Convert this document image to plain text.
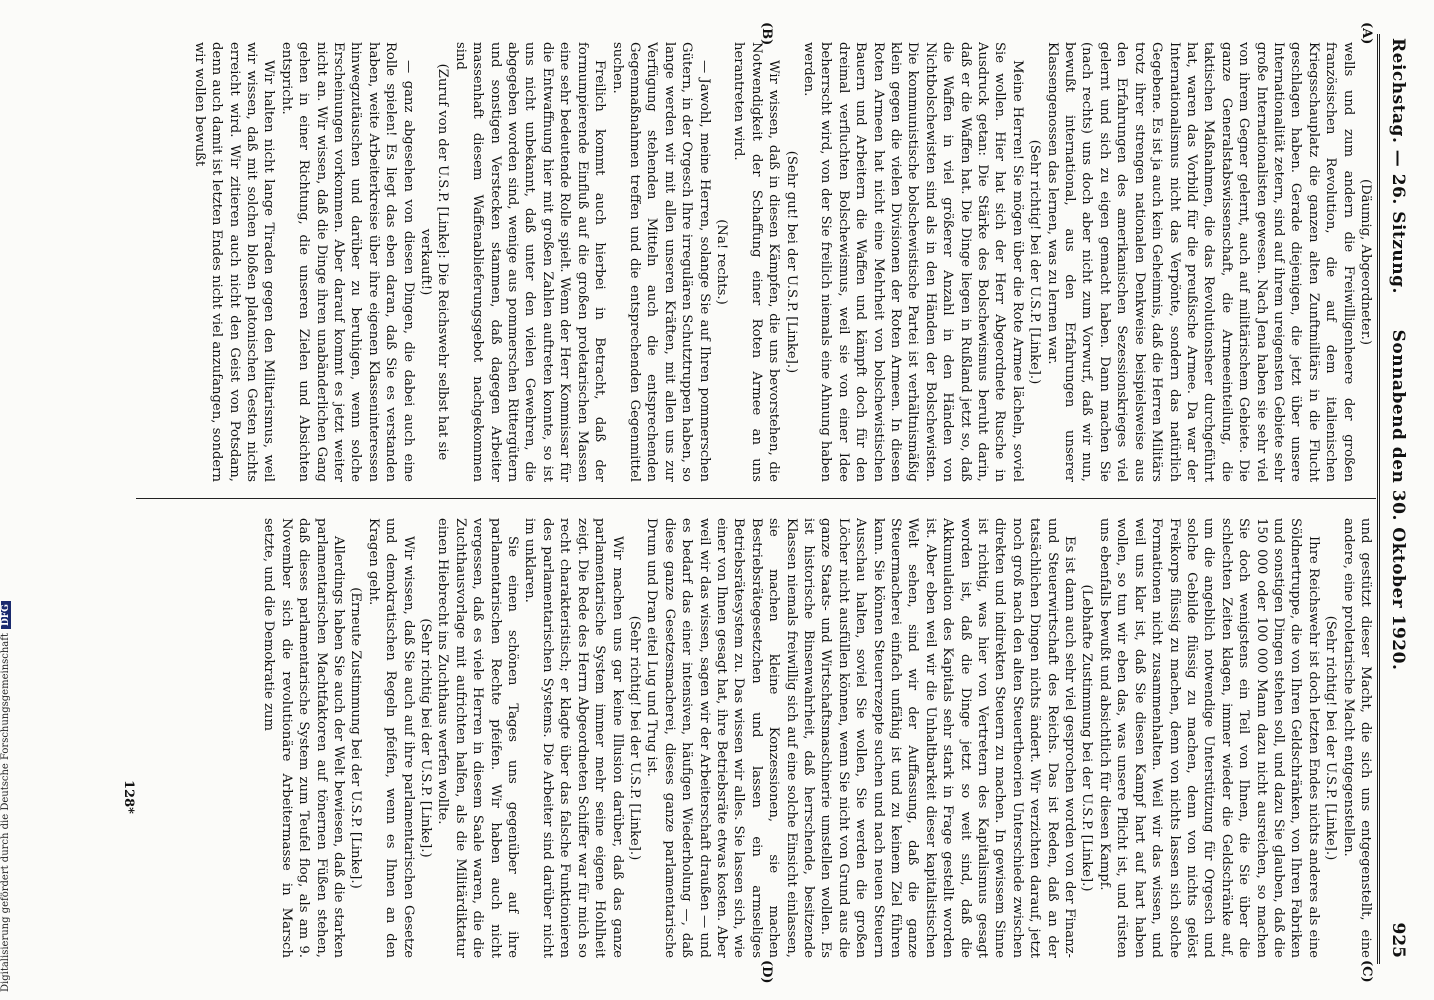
Reichstag. — 26. Sitzung.
Sonnabend den 30. Oktober 1920.
925
(A)
(B)
(C)
(D)

(Däumig, Abgeordneter.)

wells und zum andern die Freiwilligenheere der großen französischen Revolution, die auf dem italienischen Kriegsschauplatz die ganzen alten Zunftmilitärs in die Flucht geschlagen haben. Gerade diejenigen, die jetzt über unsere Internationalität zetern, sind auf ihrem ureigensten Gebiete sehr große Internationalisten gewesen. Nach Jena haben sie sehr viel von ihrem Gegner gelernt, auch auf militärischem Gebiete. Die ganze Generalstabswissenschaft, die Armeeeinteilung, die taktischen Maßnahmen, die das Revolutionsheer durchgeführt hat, waren das Vorbild für die preußische Armee. Da war der Internationalismus nicht das Verpönte, sondern das natürlich Gegebene. Es ist ja auch kein Geheimnis, daß die Herren Militärs trotz ihrer strengen nationalen Denkweise beispielsweise aus den Erfahrungen des amerikanischen Sezessionskrieges viel gelernt und sich zu eigen gemacht haben. Dann machen Sie (nach rechts) uns doch aber nicht zum Vorwurf, daß wir nun, bewußt international, aus den Erfahrungen unserer Klassengenossen das lernen, was zu lernen war.

(Sehr richtig! bei der U.S.P. [Linke].)

Meine Herren! Sie mögen über die Rote Armee lächeln, soviel Sie wollen. Hier hat sich der Herr Abgeordnete Rusche in Ausdruck getan: Die Stärke des Bolschewismus beruht darin, daß er die Waffen hat. Die Dinge liegen in Rußland jetzt so, daß die Waffen in viel größerer Anzahl in den Händen von Nichtbolschewisten sind als in den Händen der Bolschewisten. Die kommunistische bolschewistische Partei ist verhältnismäßig klein gegen die vielen Divisionen der Roten Armeen. In diesen Roten Armeen hat nicht eine Mehrheit von bolschewistischen Bauern und Arbeitern die Waffen und kämpft doch für den dreimal verfluchten Bolschewismus, weil sie von einer Idee beherrscht wird, von der Sie freilich niemals eine Ahnung haben werden.

(Sehr gut! bei der U.S.P. [Linke].)

Wir wissen, daß in diesen Kämpfen, die uns bevorstehen, die Notwendigkeit der Schaffung einer Roten Armee an uns herantreten wird.

(Na! rechts.)

— Jawohl, meine Herren, solange Sie auf Ihren pommerschen Gütern, in der Orgesch Ihre irregulären Schutztruppen haben, so lange werden wir mit allen unseren Kräften, mit allen uns zur Verfügung stehenden Mitteln auch die entsprechenden Gegenmaßnahmen treffen und die entsprechenden Gegenmittel suchen.

Freilich kommt auch hierbei in Betracht, daß der formumpierende Einfluß auf die großen proletarischen Massen eine sehr bedeutende Rolle spielt. Wenn der Herr Kommissar für die Entwaffnung hier mit großen Zahlen auftreten konnte, so ist uns nicht unbekannt, daß unter den vielen Gewehren, die abgegeben worden sind, wenige aus pommerschen Rittergütern und sonstigen Verstecken stammen, daß dagegen Arbeiter massenhaft diesem Waffenablieferungsgebot nachgekommen sind

(Zuruf von der U.S.P. [Linke]: Die Reichswehr selbst hat sie verkauft!)

— ganz abgesehen von diesen Dingen, die dabei auch eine Rolle spielen! Es liegt das eben daran, daß Sie es verstanden haben, weite Arbeiterkreise über ihre eigenen Klasseninteressen hinwegzutäuschen und darüber zu beruhigen, wenn solche Erscheinungen vorkommen. Aber darauf kommt es jetzt weiter nicht an. Wir wissen, daß die Dinge ihren unabänderlichen Gang gehen in einer Richtung, die unseren Zielen und Absichten entspricht.

Wir halten nicht lange Tiraden gegen den Militarismus, weil wir wissen, daß mit solchen bloßen platonischen Gesten nichts erreicht wird. Wir zitieren auch nicht den Geist von Potsdam, denn auch damit ist letzten Endes nicht viel anzufangen, sondern wir wollen bewußt

und gestützt dieser Macht, die sich uns entgegenstellt, eine andere, eine proletarische Macht entgegenstellen.

(Sehr richtig! bei der U.S.P. [Linke].)

Ihre Reichswehr ist doch letzten Endes nichts anderes als eine Söldnertruppe, die von Ihren Geldschränken, von Ihren Fabriken und sonstigen Dingen stehen soll, und dazu Sie glauben, daß die 150 000 oder 100 000 Mann dazu nicht ausreichen, so machen Sie doch wenigstens ein Teil von Ihnen, die Sie über die schlechten Zeiten klagen, immer wieder die Geldschränke auf, um die angeblich notwendige Unterstützung für Orgesch und solche Gebilde flüssig zu machen, denn von nichts gelöst Freikorps flüssig zu machen, denn von nichts lassen sich solche Formationen nicht zusammenhalten. Weil wir das wissen, und weil uns klar ist, daß Sie diesen Kampf hart auf hart haben wollen, so tun wir eben das, was unsere Pflicht ist, und rüsten uns ebenfalls bewußt und absichtlich für diesen Kampf.

(Lebhafte Zustimmung bei der U.S.P. [Linke].)

Es ist dann auch sehr viel gesprochen worden von der Finanz- und Steuerwirtschaft des Reichs. Das ist Reden, daß an der tatsächlichen Dingen nichts ändert. Wir verzichten darauf, jetzt noch groß nach den alten Steuertheorien Unterschiede zwischen direkten und indirekten Steuern zu machen. In gewissem Sinne ist richtig, was hier von Vertretern des Kapitalismus gesagt worden ist, daß die Dinge jetzt so weit sind, daß die Akkumulation des Kapitals sehr stark in Frage gestellt worden ist. Aber eben weil wir die Unhaltbarkeit dieser kapitalistischen Welt sehen, sind wir der Auffassung, daß die ganze Steuermacherei einfach unfähig ist und zu keinem Ziel führen kann. Sie können Steuerrezepte suchen und nach neuen Steuern Ausschau halten, soviel Sie wollen, Sie werden die großen Löcher nicht ausfüllen können, wenn Sie nicht von Grund aus die ganze Staats- und Wirtschaftsmaschinerie umstellen wollen. Es ist historische Binsenwahrheit, daß herrschende, besitzende Klassen niemals freiwillig sich auf eine solche Einsicht einlassen, sie machen kleine Konzessionen, sie machen Bestriebsrätegesetzchen und lassen ein armseliges Betriebsrätesystem zu. Das wissen wir alles. Sie lassen sich, wie einer von Ihnen gesagt hat, ihre Betriebsräte etwas kosten. Aber weil wir das wissen, sagen wir der Arbeiterschaft draußen — und es bedarf das einer intensiven, häufigen Wiederholung —, daß diese ganze Gesetzesmacherei, dieses ganze parlamentarische Drum und Dran eitel Lug und Trug ist.

(Sehr richtig! bei der U.S.P. [Linke].)

Wir machen uns gar keine Illusion darüber, daß das ganze parlamentarische System immer mehr seine eigene Hohlheit zeigt. Die Rede des Herrn Abgeordneten Schiffer war für mich so recht charakteristisch; er klagte über das falsche Funktionieren des parlamentarischen Systems. Die Arbeiter sind darüber nicht im unklaren.

Sie einen schönen Tages uns gegenüber auf ihre parlamentarischen Rechte pfeifen. Wir haben auch nicht vergessen, daß es viele Herren in diesem Saale waren, die die Zuchthausvorlage mit aufrichten halfen, als die Militärdiktatur einen Hiebrecht ins Zuchthaus werfen wollte.

(Sehr richtig bei der U.S.P. [Linke].)

Wir wissen, daß Sie auch auf ihre parlamentarischen Gesetze und demokratischen Regeln pfeifen, wenn es Ihnen an den Kragen geht.

(Erneute Zustimmung bei der U.S.P. [Linke].)

Allerdings haben Sie auch der Welt bewiesen, daß die starken parlamentarischen Machtfaktoren auf tönernen Füßen stehen, daß dieses parlamentarische System zum Teufel flog, als am 9. November sich die revolutionäre Arbeitermasse in Marsch setzte, und die Demokratie zum

128*
Digitalisierung gefördert durch die Deutsche ForschungsgemeinschaftDFG
